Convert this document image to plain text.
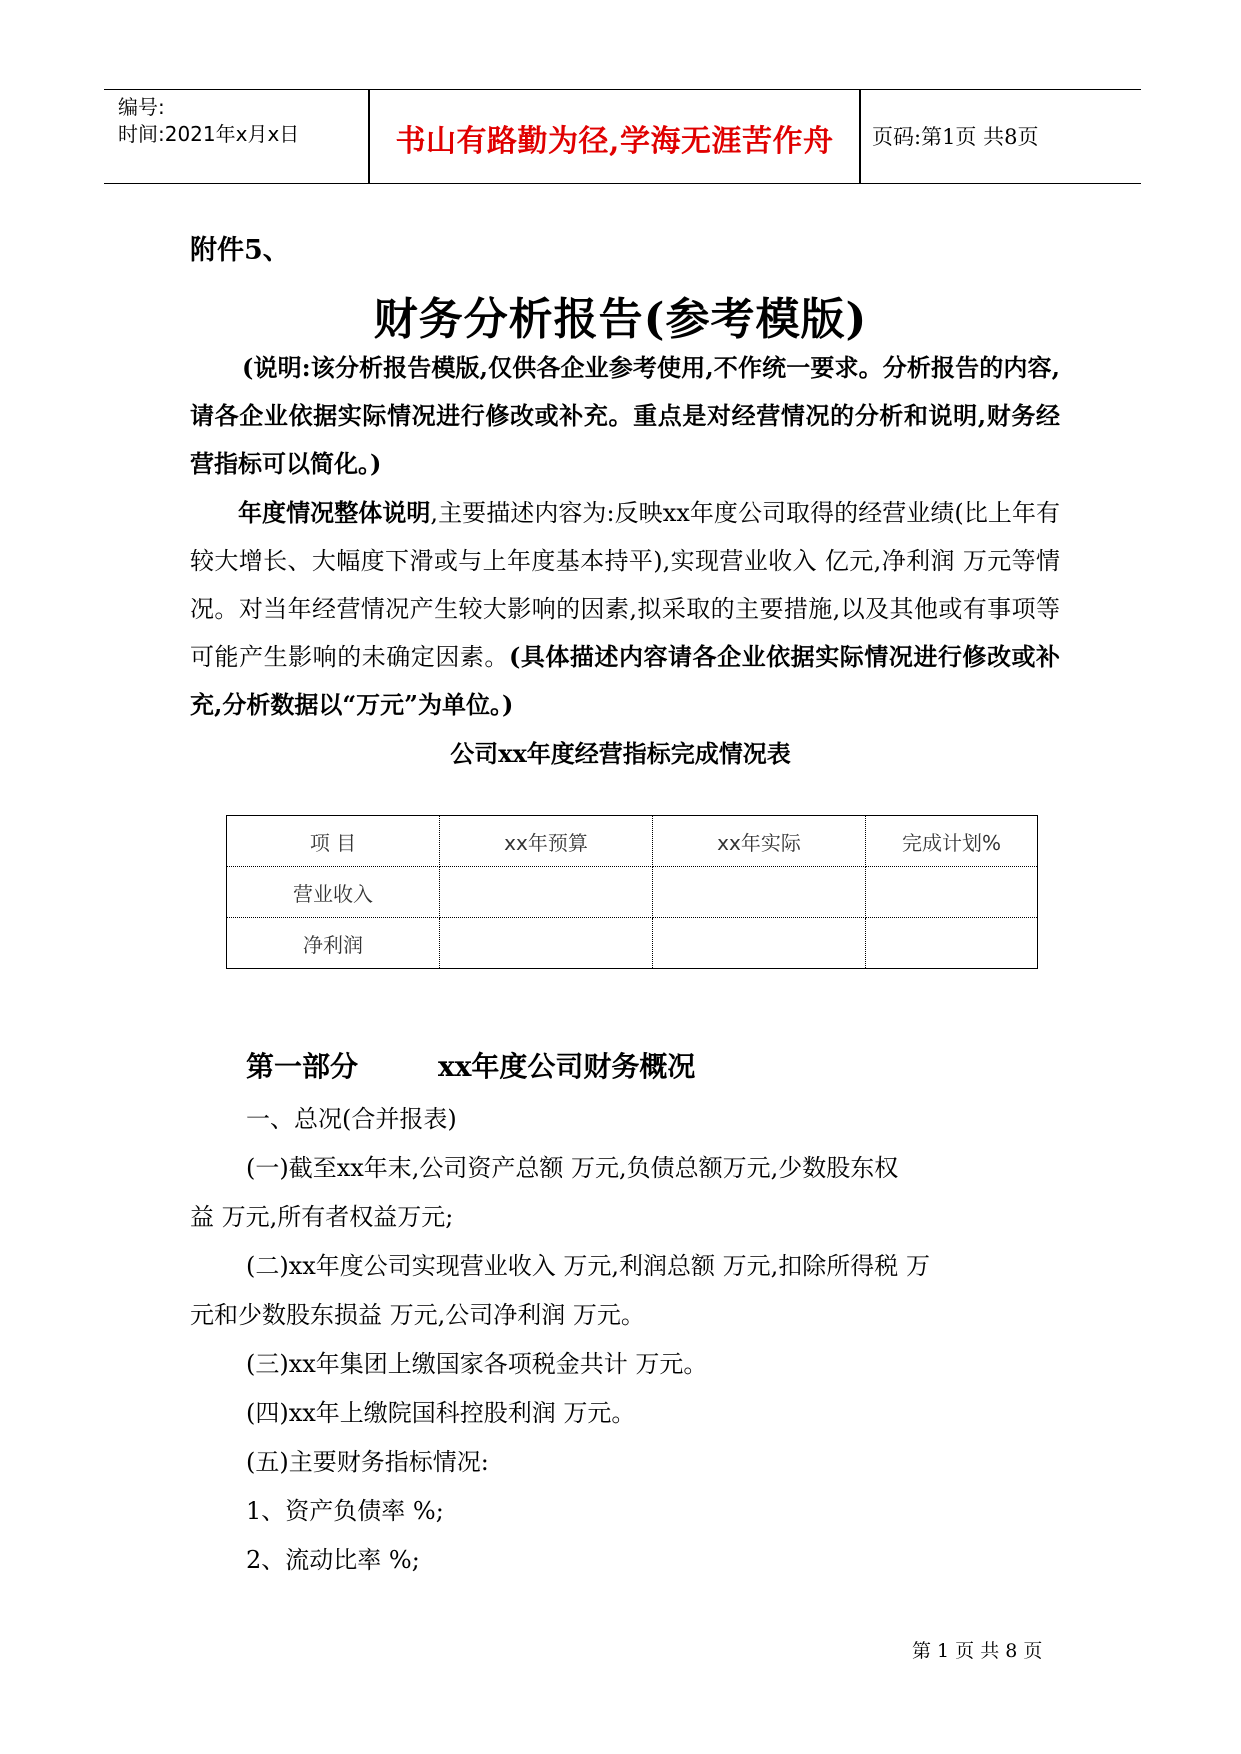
编号:
时间:2021年x月x日	书山有路勤为径,学海无涯苦作舟	页码:第1页 共8页
附件5、
财务分析报告(参考模版)
(说明:该分析报告模版,仅供各企业参考使用,不作统一要求。分析报告的内容,请各企业依据实际情况进行修改或补充。重点是对经营情况的分析和说明,财务经营指标可以简化。)
年度情况整体说明,主要描述内容为:反映xx年度公司取得的经营业绩(比上年有较大增长、大幅度下滑或与上年度基本持平),实现营业收入 亿元,净利润 万元等情况。对当年经营情况产生较大影响的因素,拟采取的主要措施,以及其他或有事项等可能产生影响的未确定因素。(具体描述内容请各企业依据实际情况进行修改或补充,分析数据以“万元”为单位。)
公司xx年度经营指标完成情况表
项 目	xx年预算	xx年实际	完成计划%
营业收入			
净利润			
第一部分	xx年度公司财务概况
一、总况(合并报表)
(一)截至xx年末,公司资产总额 万元,负债总额万元,少数股东权
益 万元,所有者权益万元;
(二)xx年度公司实现营业收入 万元,利润总额 万元,扣除所得税 万
元和少数股东损益 万元,公司净利润 万元。
(三)xx年集团上缴国家各项税金共计 万元。
(四)xx年上缴院国科控股利润 万元。
(五)主要财务指标情况:
1、资产负债率 %;
2、流动比率 %;
第 1 页 共 8 页
